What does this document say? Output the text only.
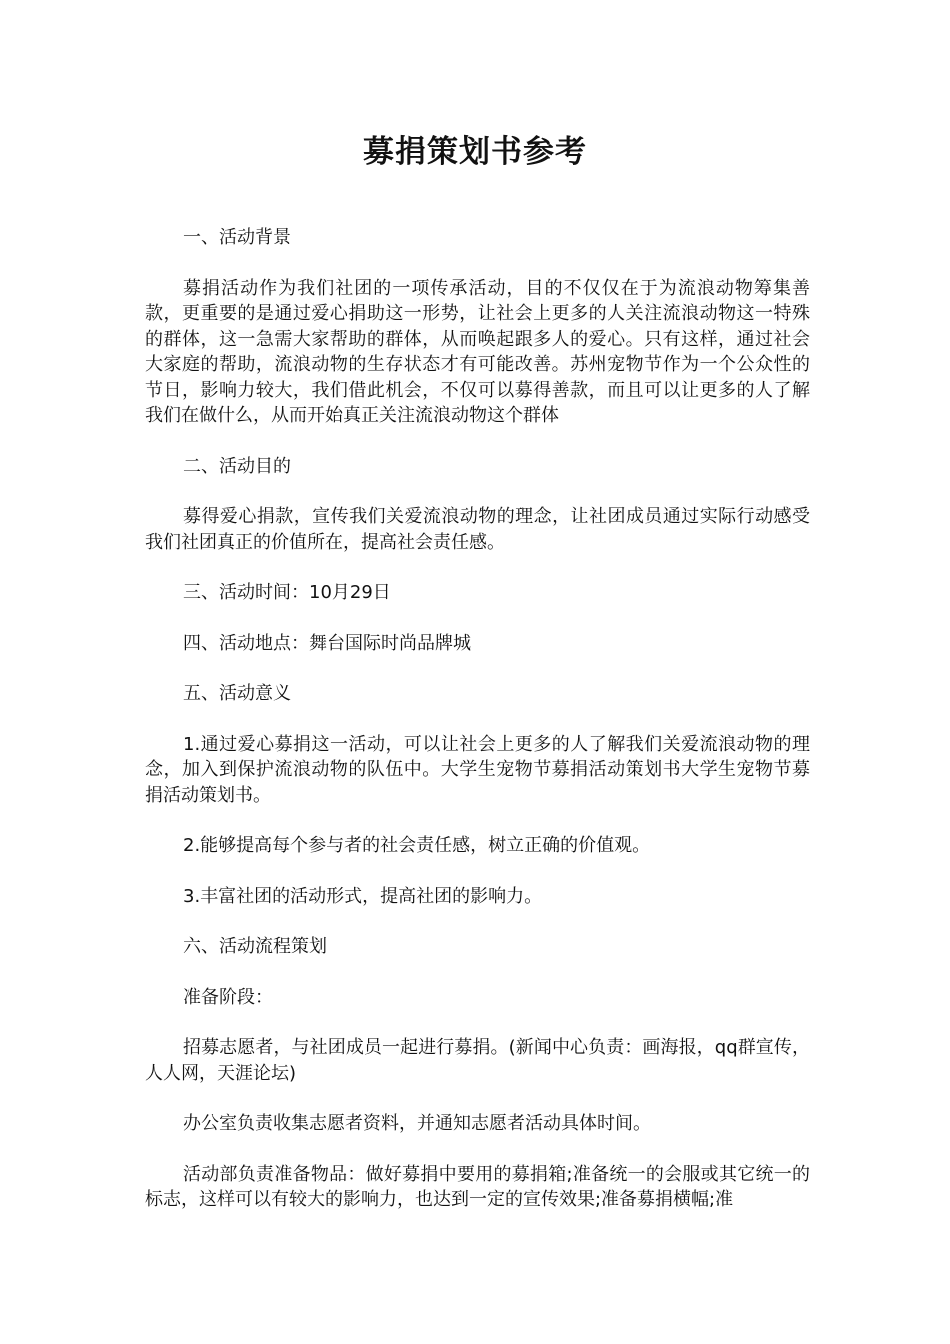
募捐策划书参考

一、活动背景

募捐活动作为我们社团的一项传承活动，目的不仅仅在于为流浪动物筹集善款，更重要的是通过爱心捐助这一形势，让社会上更多的人关注流浪动物这一特殊的群体，这一急需大家帮助的群体，从而唤起跟多人的爱心。只有这样，通过社会大家庭的帮助，流浪动物的生存状态才有可能改善。苏州宠物节作为一个公众性的节日，影响力较大，我们借此机会，不仅可以募得善款，而且可以让更多的人了解我们在做什么，从而开始真正关注流浪动物这个群体

二、活动目的

募得爱心捐款，宣传我们关爱流浪动物的理念，让社团成员通过实际行动感受我们社团真正的价值所在，提高社会责任感。

三、活动时间：10月29日

四、活动地点：舞台国际时尚品牌城

五、活动意义

1.通过爱心募捐这一活动，可以让社会上更多的人了解我们关爱流浪动物的理念，加入到保护流浪动物的队伍中。大学生宠物节募捐活动策划书大学生宠物节募捐活动策划书。

2.能够提高每个参与者的社会责任感，树立正确的价值观。

3.丰富社团的活动形式，提高社团的影响力。

六、活动流程策划

准备阶段：

招募志愿者，与社团成员一起进行募捐。(新闻中心负责：画海报，qq群宣传，人人网，天涯论坛)

办公室负责收集志愿者资料，并通知志愿者活动具体时间。

活动部负责准备物品：做好募捐中要用的募捐箱;准备统一的会服或其它统一的标志，这样可以有较大的影响力，也达到一定的宣传效果;准备募捐横幅;准
